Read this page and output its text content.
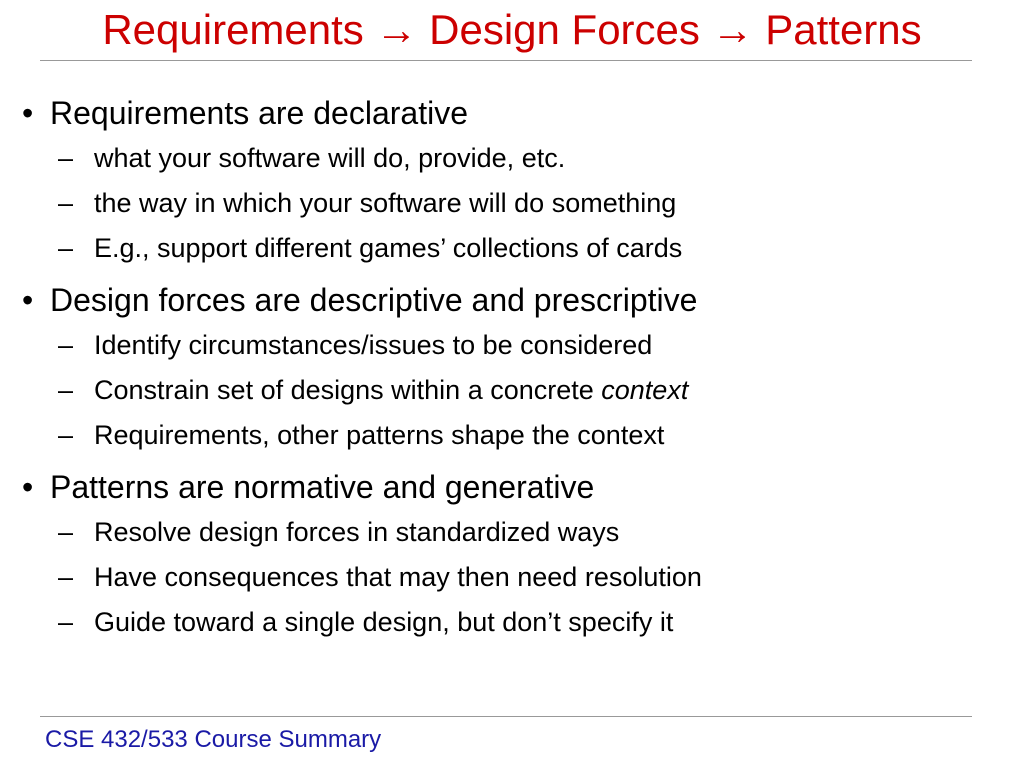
Requirements → Design Forces → Patterns
• Requirements are declarative
– what your software will do, provide, etc.
– the way in which your software will do something
– E.g., support different games’ collections of cards
• Design forces are descriptive and prescriptive
– Identify circumstances/issues to be considered
– Constrain set of designs within a concrete context
– Requirements, other patterns shape the context
• Patterns are normative and generative
– Resolve design forces in standardized ways
– Have consequences that may then need resolution
– Guide toward a single design, but don’t specify it
CSE 432/533 Course Summary
